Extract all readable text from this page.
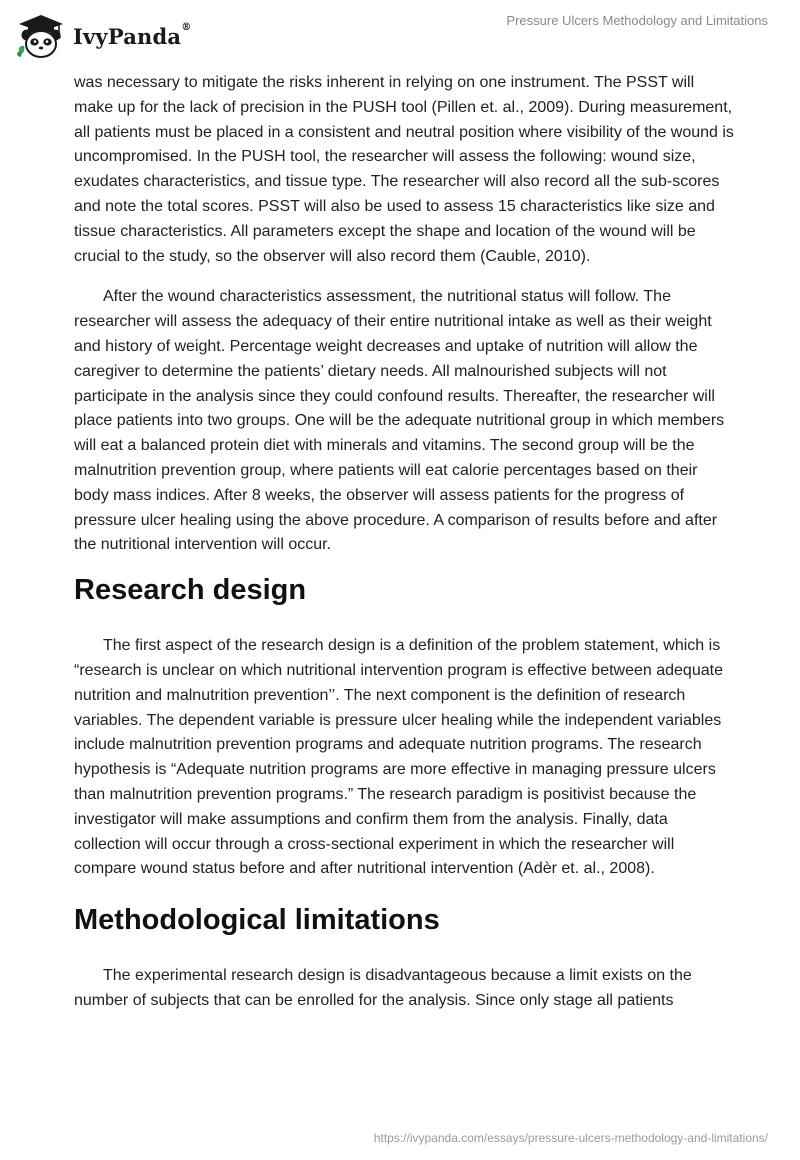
IvyPanda®	Pressure Ulcers Methodology and Limitations

was necessary to mitigate the risks inherent in relying on one instrument. The PSST will make up for the lack of precision in the PUSH tool (Pillen et. al., 2009). During measurement, all patients must be placed in a consistent and neutral position where visibility of the wound is uncompromised. In the PUSH tool, the researcher will assess the following: wound size, exudates characteristics, and tissue type. The researcher will also record all the sub-scores and note the total scores. PSST will also be used to assess 15 characteristics like size and tissue characteristics. All parameters except the shape and location of the wound will be crucial to the study, so the observer will also record them (Cauble, 2010).

After the wound characteristics assessment, the nutritional status will follow. The researcher will assess the adequacy of their entire nutritional intake as well as their weight and history of weight. Percentage weight decreases and uptake of nutrition will allow the caregiver to determine the patients’ dietary needs. All malnourished subjects will not participate in the analysis since they could confound results. Thereafter, the researcher will place patients into two groups. One will be the adequate nutritional group in which members will eat a balanced protein diet with minerals and vitamins. The second group will be the malnutrition prevention group, where patients will eat calorie percentages based on their body mass indices. After 8 weeks, the observer will assess patients for the progress of pressure ulcer healing using the above procedure. A comparison of results before and after the nutritional intervention will occur.

Research design

The first aspect of the research design is a definition of the problem statement, which is “research is unclear on which nutritional intervention program is effective between adequate nutrition and malnutrition prevention’’. The next component is the definition of research variables. The dependent variable is pressure ulcer healing while the independent variables include malnutrition prevention programs and adequate nutrition programs. The research hypothesis is “Adequate nutrition programs are more effective in managing pressure ulcers than malnutrition prevention programs.” The research paradigm is positivist because the investigator will make assumptions and confirm them from the analysis. Finally, data collection will occur through a cross-sectional experiment in which the researcher will compare wound status before and after nutritional intervention (Adèr et. al., 2008).

Methodological limitations

The experimental research design is disadvantageous because a limit exists on the number of subjects that can be enrolled for the analysis. Since only stage all patients

https://ivypanda.com/essays/pressure-ulcers-methodology-and-limitations/
